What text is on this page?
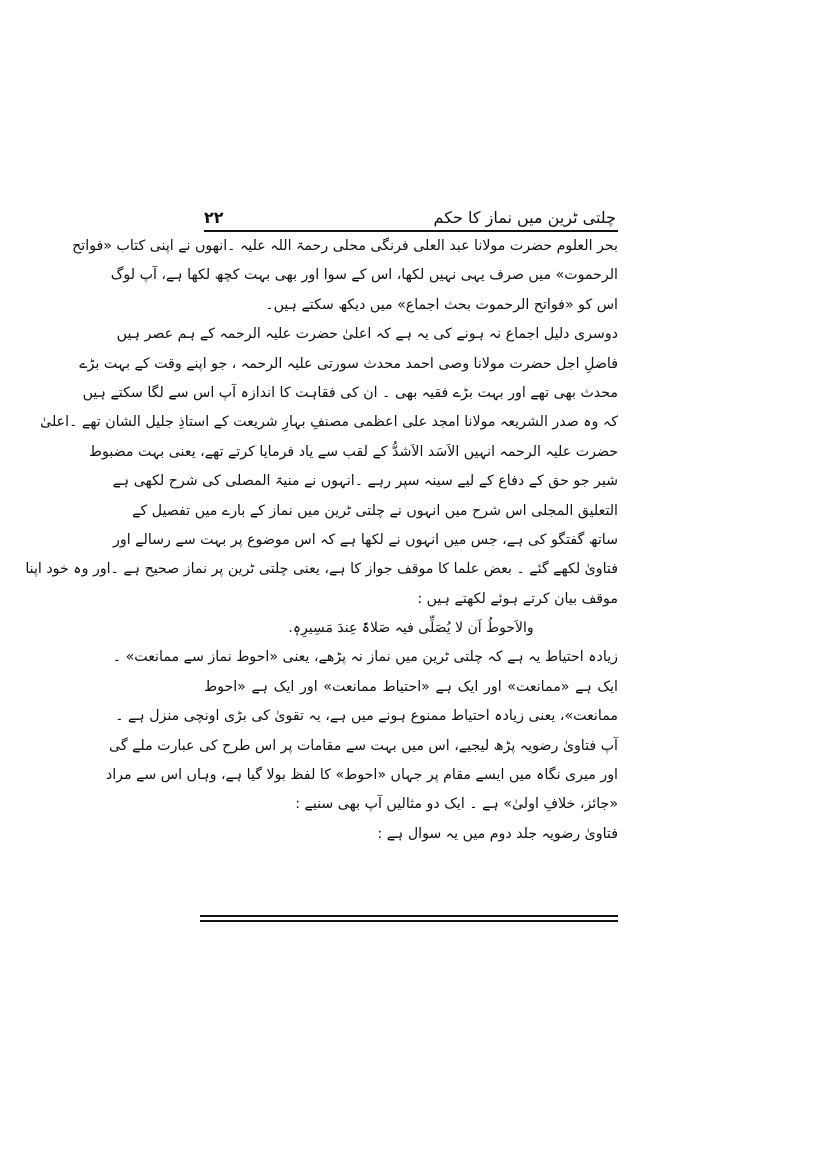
چلتی ٹرین میں نماز کا حکم
۲۲
بحر العلوم حضرت مولانا عبد العلی فرنگی محلی رحمۃ اللہ علیہ ۔انھوں نے اپنی کتاب «فواتح
الرحموت» میں صرف یہی نہیں لکھا، اس کے سوا اور بھی بہت کچھ لکھا ہے، آپ لوگ
اس کو «فواتح الرحموت بحث اجماع» میں دیکھ سکتے ہیں۔
دوسری دلیل اجماع نہ ہونے کی یہ ہے کہ اعلیٰ حضرت علیہ الرحمہ کے ہم عصر ہیں
فاضلِ اجل حضرت مولانا وصی احمد محدث سورتی علیہ الرحمہ ، جو اپنے وقت کے بہت بڑے
محدث بھی تھے اور بہت بڑے فقیہ بھی ۔ ان کی فقاہت کا اندازہ آپ اس سے لگا سکتے ہیں
کہ وہ صدر الشریعہ مولانا امجد علی اعظمی مصنفِ بہارِ شریعت کے استاذِ جلیل الشان تھے ۔اعلیٰ
حضرت علیہ الرحمہ انہیں الاَسَد الاَشدُّ کے لقب سے یاد فرمایا کرتے تھے، یعنی بہت مضبوط
شیر جو حق کے دفاع کے لیے سینہ سپر رہے ۔انہوں نے منیۃ المصلی کی شرح لکھی ہے
التعلیق المجلی اس شرح میں انہوں نے چلتی ٹرین میں نماز کے بارے میں تفصیل کے
ساتھ گفتگو کی ہے، جس میں انہوں نے لکھا ہے کہ اس موضوع پر بہت سے رسالے اور
فتاویٰ لکھے گئے ۔ بعض علما کا موقف جواز کا ہے، یعنی چلتی ٹرین پر نماز صحیح ہے ۔اور وہ خود اپنا
موقف بیان کرتے ہوئے لکھتے ہیں :
والاَحوطُ اَن لا یُصَلِّی فیہ صَلاۃً عِندَ مَسِیرِہٖ.
زیادہ احتیاط یہ ہے کہ چلتی ٹرین میں نماز نہ پڑھے، یعنی «احوط نماز سے ممانعت» ۔
ایک ہے «ممانعت» اور ایک ہے «احتیاط ممانعت» اور ایک ہے «احوط
ممانعت»، یعنی زیادہ احتیاط ممنوع ہونے میں ہے، یہ تقویٰ کی بڑی اونچی منزل ہے ۔
آپ فتاویٰ رضویہ پڑھ لیجیے، اس میں بہت سے مقامات پر اس طرح کی عبارت ملے گی
اور میری نگاہ میں ایسے مقام پر جہاں «احوط» کا لفظ بولا گیا ہے، وہاں اس سے مراد
«جائز، خلافِ اولیٰ» ہے ۔ ایک دو مثالیں آپ بھی سنیے :
فتاویٰ رضویہ جلد دوم میں یہ سوال ہے :
